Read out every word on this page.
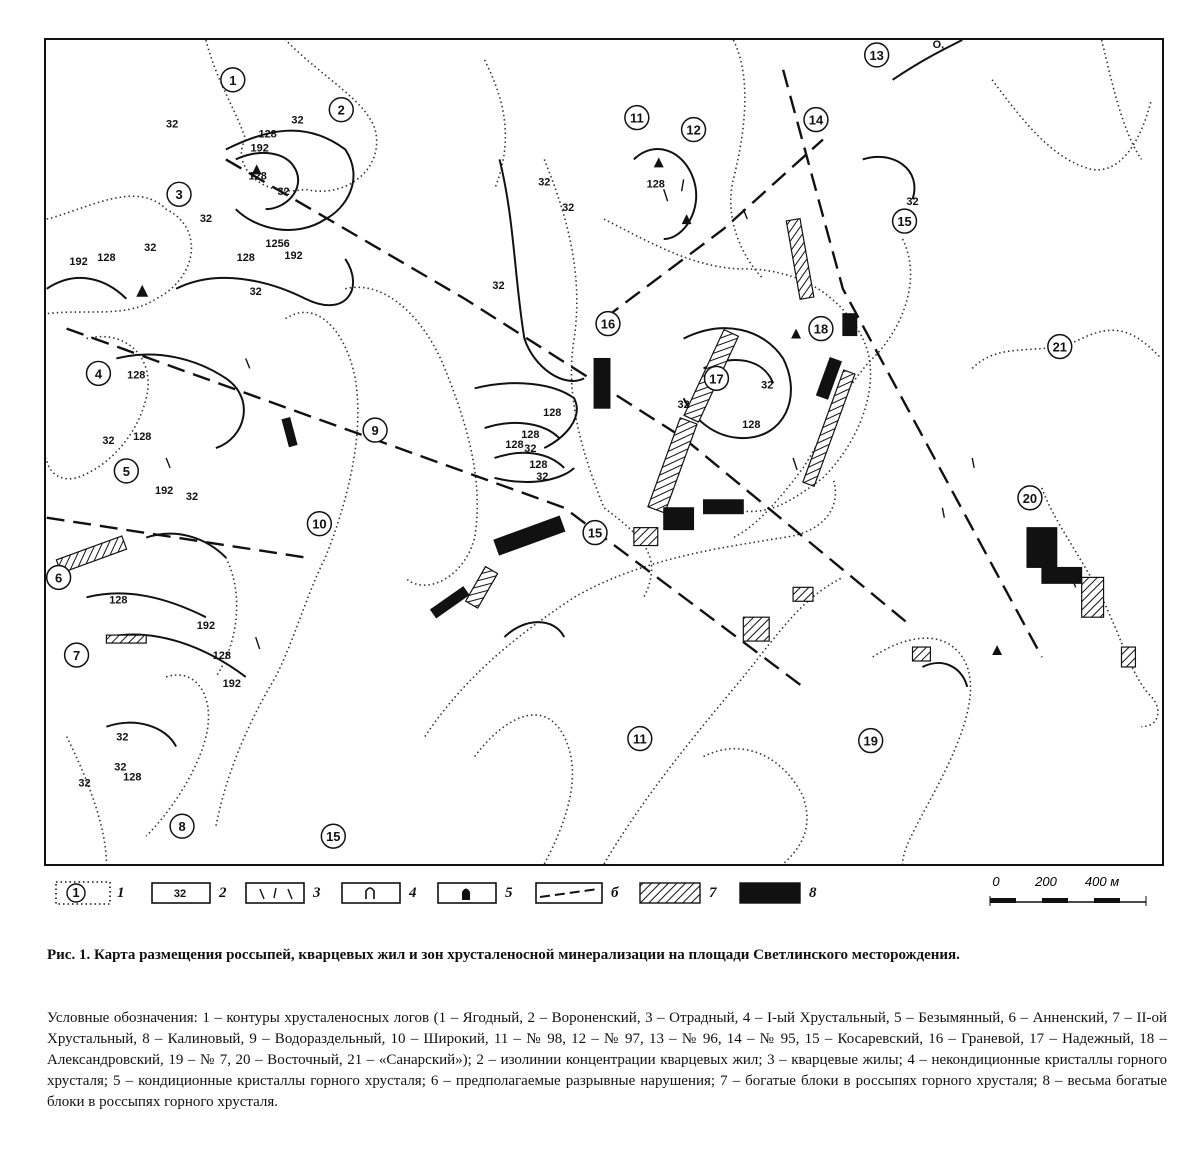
1
2
3
4
5
6
7
8
9
10
11
12
13
14
15
16
17
18
19
20
21
11
15
15
32
128
192
32
128
32
1256
192
128
32
192 128
32
32
128
32 128
192 32
128
192
128
192
32
128
32
32
128
32
128
32
128
128
32
32
32
128
32
128
32
32
O,
1 1	32 2	3	4	5	б	7	8
0	200 400 м
Рис. 1. Карта размещения россыпей, кварцевых жил и зон хрусталеносной минерализации на площади Светлинского месторождения.
Условные обозначения: 1 – контуры хрусталеносных логов (1 – Ягодный, 2 – Вороненский, 3 – Отрадный, 4 – I-ый Хрустальный, 5 – Безымянный, 6 – Анненский, 7 – II-ой Хрустальный, 8 – Калиновый, 9 – Водораздельный, 10 – Широкий, 11 – № 98, 12 – № 97, 13 – № 96, 14 – № 95, 15 – Косаревский, 16 – Граневой, 17 – Надежный, 18 – Александровский, 19 – № 7, 20 – Восточный, 21 – «Санарский»); 2 – изолинии концентрации кварцевых жил; 3 – кварцевые жилы; 4 – некондиционные кристаллы горного хрусталя; 5 – кондиционные кристаллы горного хрусталя; 6 – предполагаемые разрывные нарушения; 7 – богатые блоки в россыпях горного хрусталя; 8 – весьма богатые блоки в россыпях горного хрусталя.
